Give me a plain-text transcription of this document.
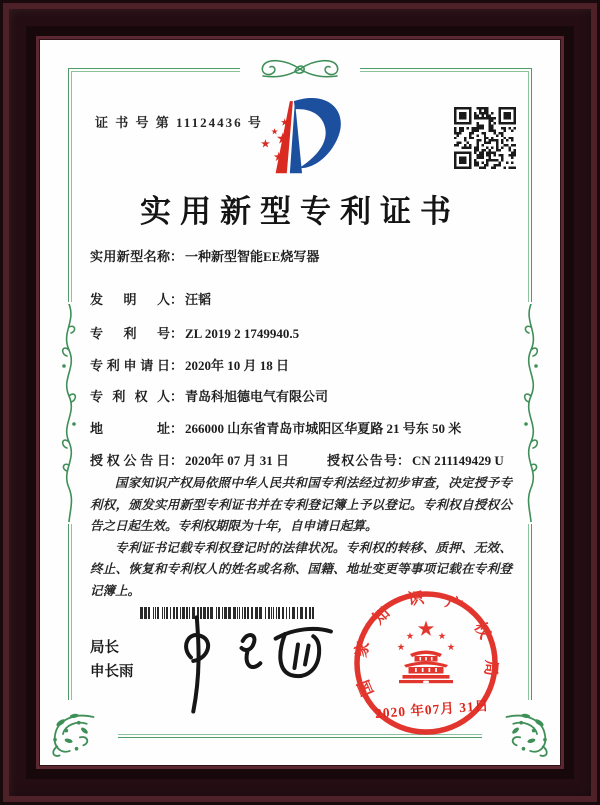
证 书 号 第 11124436 号
实用新型专利证书
实用新型名称： 一种新型智能EE烧写器
发明人： 汪韬
专利号： ZL 2019 2 1749940.5
专利申请日： 2020年 10 月 18 日
专利权人： 青岛科旭德电气有限公司
地址： 266000 山东省青岛市城阳区华夏路 21 号东 50 米
授权公告日： 2020年 07 月 31 日	授权公告号： CN 211149429 U

国家知识产权局依照中华人民共和国专利法经过初步审查，决定授予专利权，颁发实用新型专利证书并在专利登记簿上予以登记。专利权自授权公告之日起生效。专利权期限为十年，自申请日起算。

专利证书记载专利权登记时的法律状况。专利权的转移、质押、无效、终止、恢复和专利权人的姓名或名称、国籍、地址变更等事项记载在专利登记簿上。

局长
申长雨
国家知识产权局
2020 年07月 31日
